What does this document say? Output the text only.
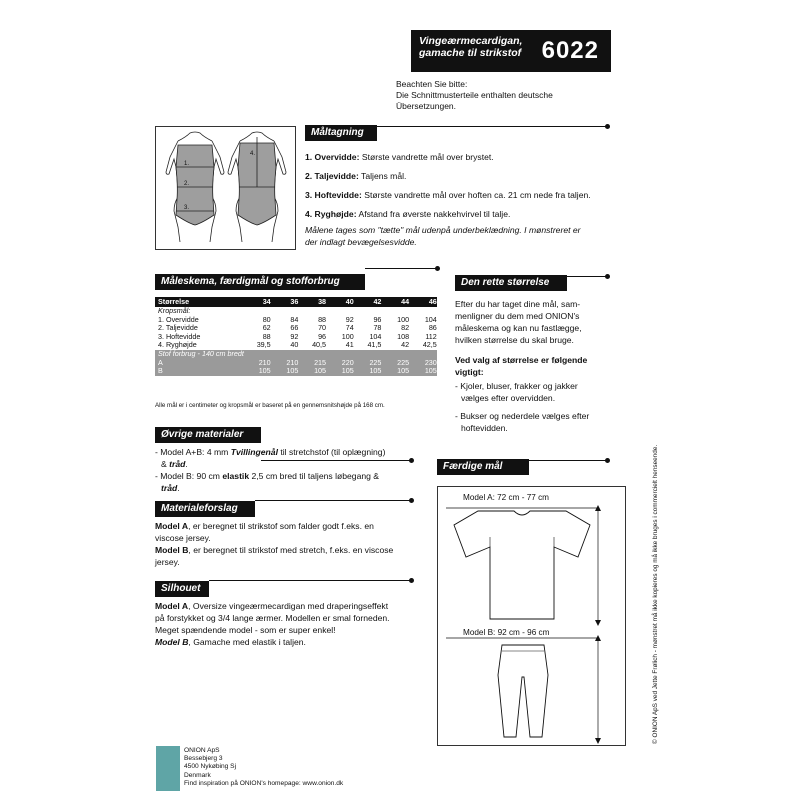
Vingeærmecardigan,
gamache til strikstof 6022
Beachten Sie bitte:
Die Schnittmusterteile enthalten deutsche
Übersetzungen.
1.
2.
3.
4.
Måltagning
1. Overvidde: Største vandrette mål over brystet.
2. Taljevidde: Taljens mål.
3. Hoftevidde: Største vandrette mål over hoften ca. 21 cm nede fra taljen.
4. Ryghøjde: Afstand fra øverste nakkehvirvel til talje.
Målene tages som "tætte" mål udenpå underbeklædning. I mønstreret er
der indlagt bevægelsesvidde.
Måleskema, færdigmål og stofforbrug
Størrelse	34	36	38	40	42	44	46
Kropsmål:
1. Overvidde	80	84	88	92	96	100	104
2. Taljevidde	62	66	70	74	78	82	86
3. Hoftevidde	88	92	96	100	104	108	112
4. Ryghøjde	39,5	40	40,5	41	41,5	42	42,5
Stof forbrug - 140 cm bredt
A	210	210	215	220	225	225	230
B	105	105	105	105	105	105	105
Alle mål er i centimeter og kropsmål er baseret på en gennemsnitshøjde på 168 cm.
Den rette størrelse
Efter du har taget dine mål, sam-
menligner du dem med ONION's
måleskema og kan nu fastlægge,
hvilken størrelse du skal bruge.
Ved valg af størrelse er følgende
vigtigt:
- Kjoler, bluser, frakker og jakker
vælges efter overvidden.
- Bukser og nederdele vælges efter
hoftevidden.
Øvrige materialer
- Model A+B: 4 mm Tvillingenål til stretchstof (til oplægning)
& tråd.
- Model B: 90 cm elastik 2,5 cm bred til taljens løbegang &
tråd.
Materialeforslag
Model A, er beregnet til strikstof som falder godt f.eks. en
viscose jersey.
Model B, er beregnet til strikstof med stretch, f.eks. en viscose
jersey.
Silhouet
Model A, Oversize vingeærmecardigan med draperingseffekt
på forstykket og 3/4 lange ærmer. Modellen er smal forneden.
Meget spændende model - som er super enkel!
Model B, Gamache med elastik i taljen.
Færdige mål
Model A: 72 cm - 77 cm
Model B: 92 cm - 96 cm
ONION ApS
Bessebjerg 3
4500 Nykøbing Sj
Denmark
Find inspiration på ONION's homepage: www.onion.dk
© ONION ApS ved Jette Frølich - mønstret må ikke kopieres og må ikke bruges i commercielt henseende.
